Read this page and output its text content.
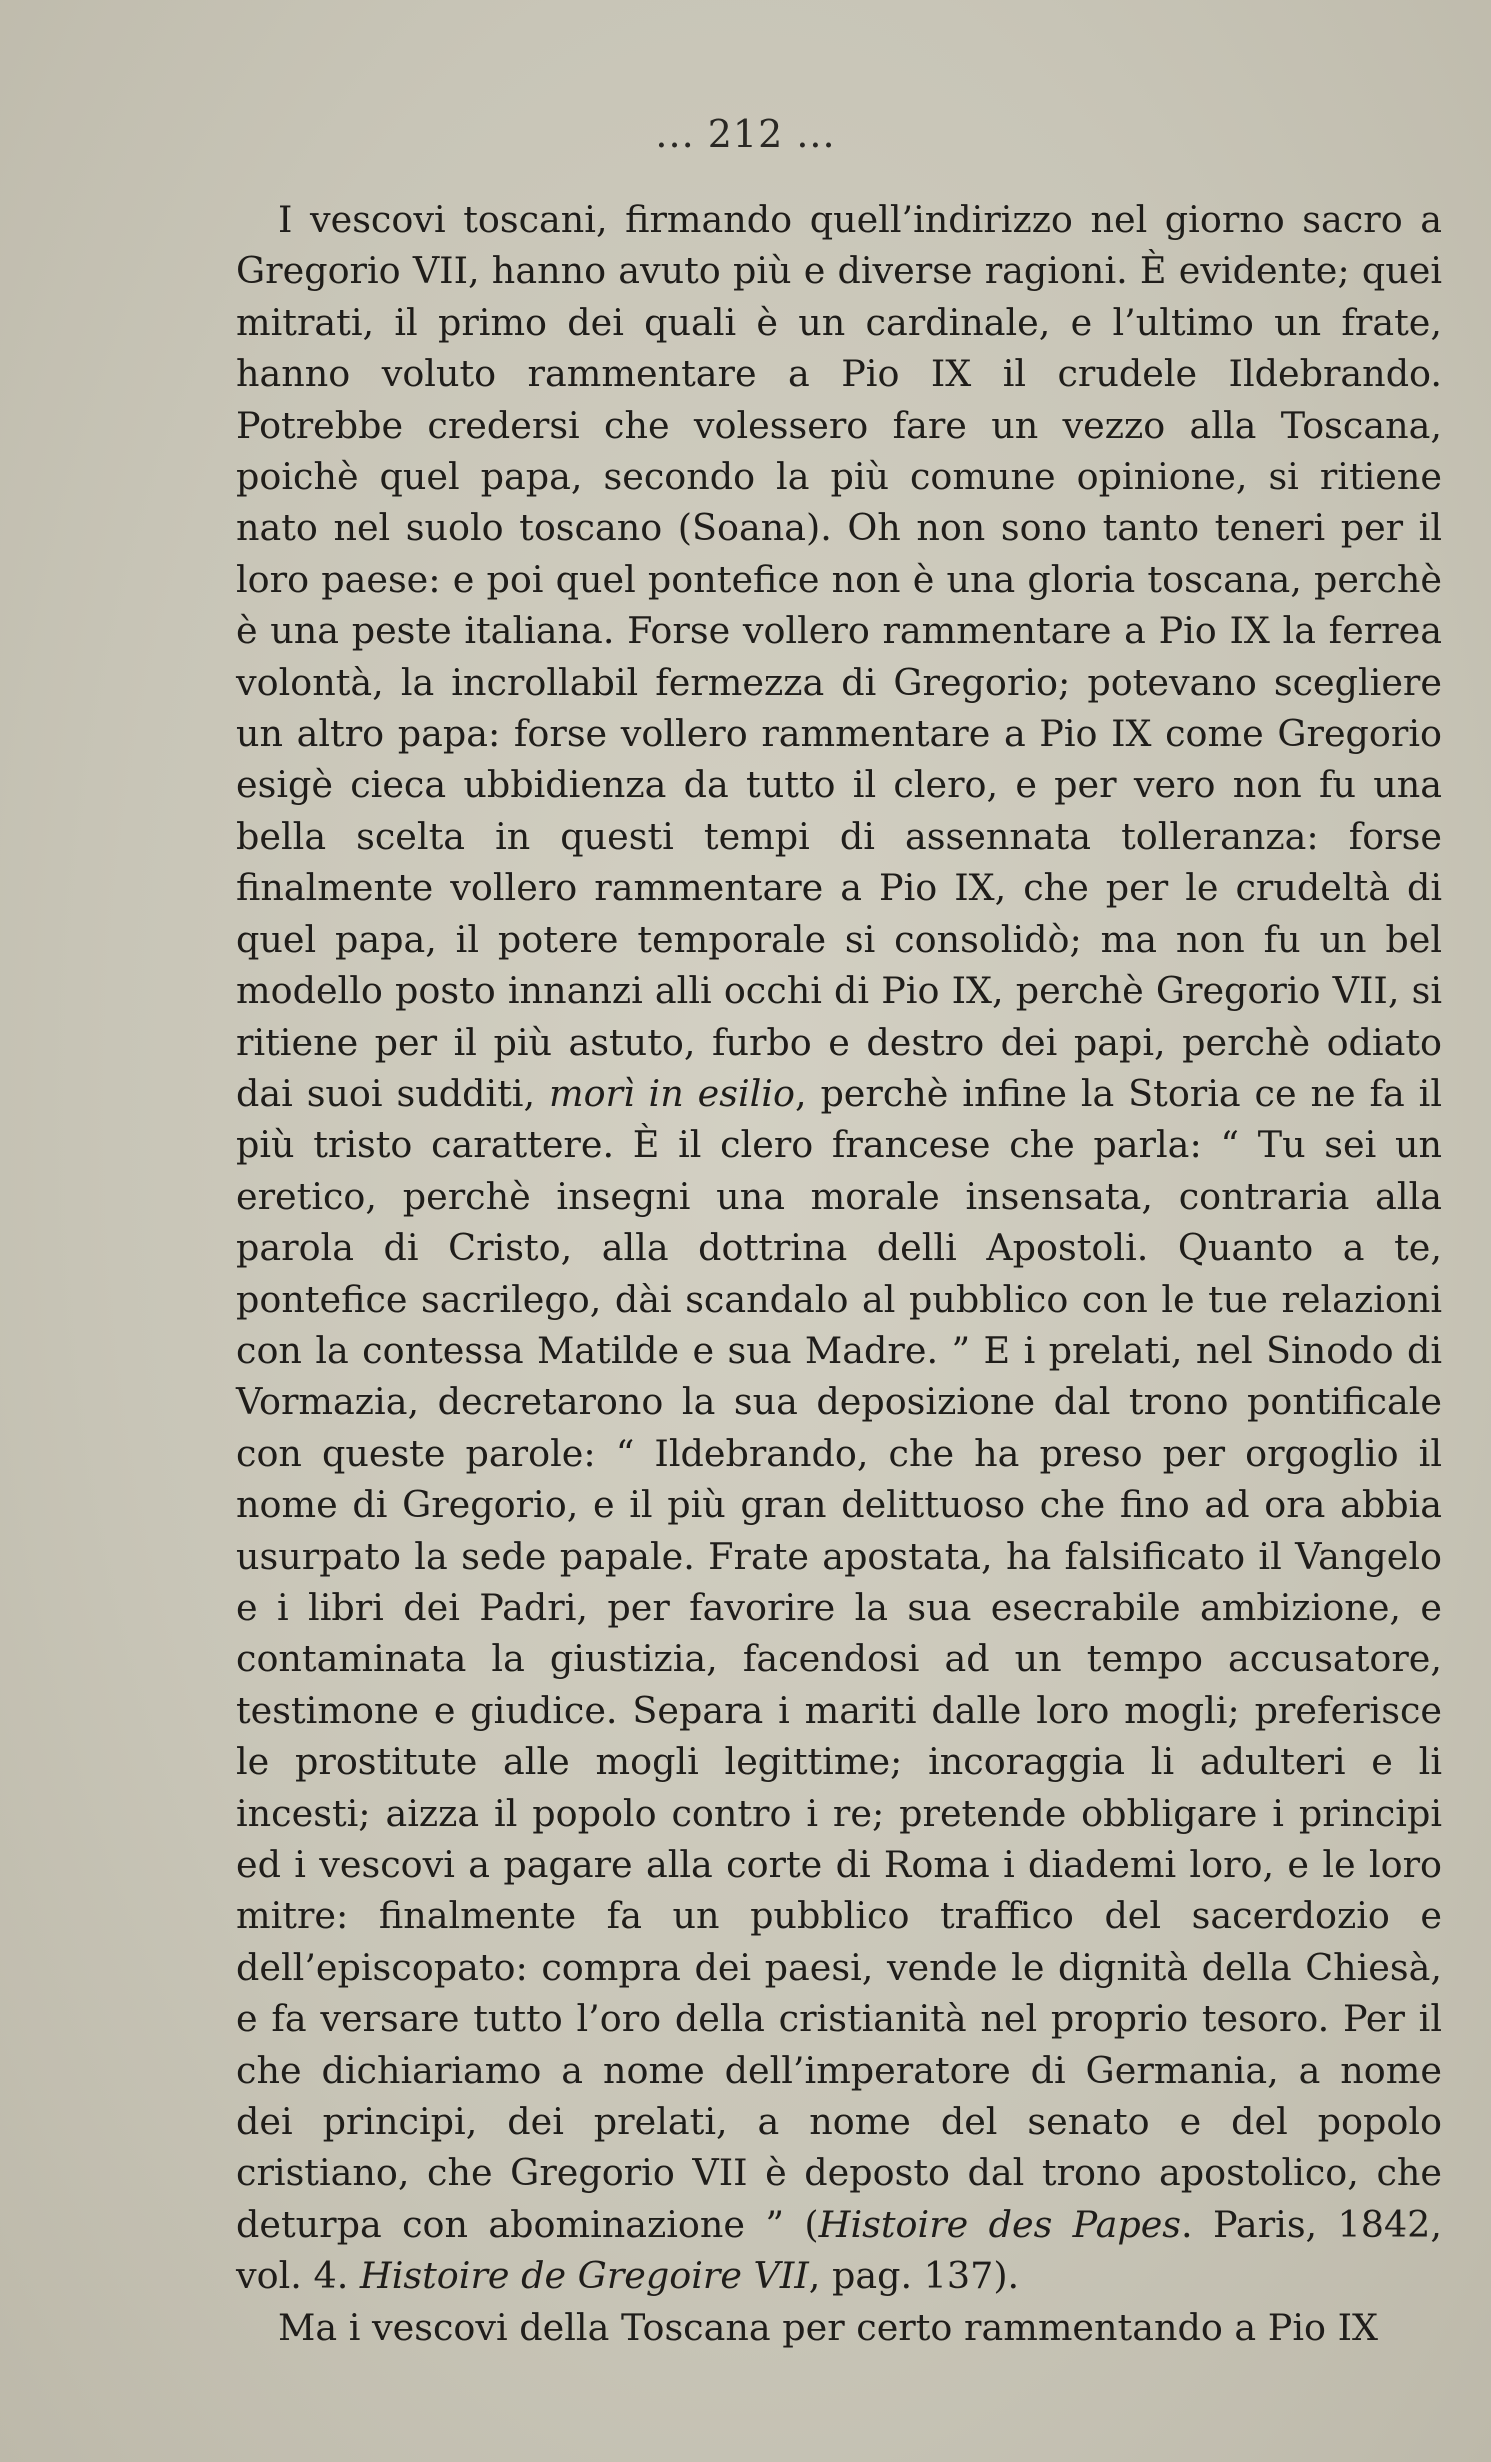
... 212 ...

I vescovi toscani, firmando quell’indirizzo nel giorno sacro a Gregorio VII, hanno avuto più e diverse ragioni. È evidente; quei mitrati, il primo dei quali è un cardinale, e l’ultimo un frate, hanno voluto rammentare a Pio IX il crudele Ildebrando. Potrebbe credersi che volessero fare un vezzo alla Toscana, poichè quel papa, secondo la più comune opinione, si ritiene nato nel suolo toscano (Soana). Oh non sono tanto teneri per il loro paese: e poi quel pontefice non è una gloria toscana, perchè è una peste italiana. Forse vollero rammentare a Pio IX la ferrea volontà, la incrollabil fermezza di Gregorio; potevano scegliere un altro papa: forse vollero rammentare a Pio IX come Gregorio esigè cieca ubbidienza da tutto il clero, e per vero non fu una bella scelta in questi tempi di assennata tolleranza: forse finalmente vollero rammentare a Pio IX, che per le crudeltà di quel papa, il potere temporale si consolidò; ma non fu un bel modello posto innanzi alli occhi di Pio IX, perchè Gregorio VII, si ritiene per il più astuto, furbo e destro dei papi, perchè odiato dai suoi sudditi, morì in esilio, perchè infine la Storia ce ne fa il più tristo carattere. È il clero francese che parla: “ Tu sei un eretico, perchè insegni una morale insensata, contraria alla parola di Cristo, alla dottrina delli Apostoli. Quanto a te, pontefice sacrilego, dài scandalo al pubblico con le tue relazioni con la contessa Matilde e sua Madre. ” E i prelati, nel Sinodo di Vormazia, decretarono la sua deposizione dal trono pontificale con queste parole: “ Ildebrando, che ha preso per orgoglio il nome di Gregorio, e il più gran delittuoso che fino ad ora abbia usurpato la sede papale. Frate apostata, ha falsificato il Vangelo e i libri dei Padri, per favorire la sua esecrabile ambizione, e contaminata la giustizia, facendosi ad un tempo accusatore, testimone e giudice. Separa i mariti dalle loro mogli; preferisce le prostitute alle mogli legittime; incoraggia li adulteri e li incesti; aizza il popolo contro i re; pretende obbligare i principi ed i vescovi a pagare alla corte di Roma i diademi loro, e le loro mitre: finalmente fa un pubblico traffico del sacerdozio e dell’episcopato: compra dei paesi, vende le dignità della Chiesà, e fa versare tutto l’oro della cristianità nel proprio tesoro. Per il che dichiariamo a nome dell’imperatore di Germania, a nome dei principi, dei prelati, a nome del senato e del popolo cristiano, che Gregorio VII è deposto dal trono apostolico, che deturpa con abominazione ” (Histoire des Papes. Paris, 1842, vol. 4. Histoire de Gregoire VII, pag. 137).

Ma i vescovi della Toscana per certo rammentando a Pio IX
